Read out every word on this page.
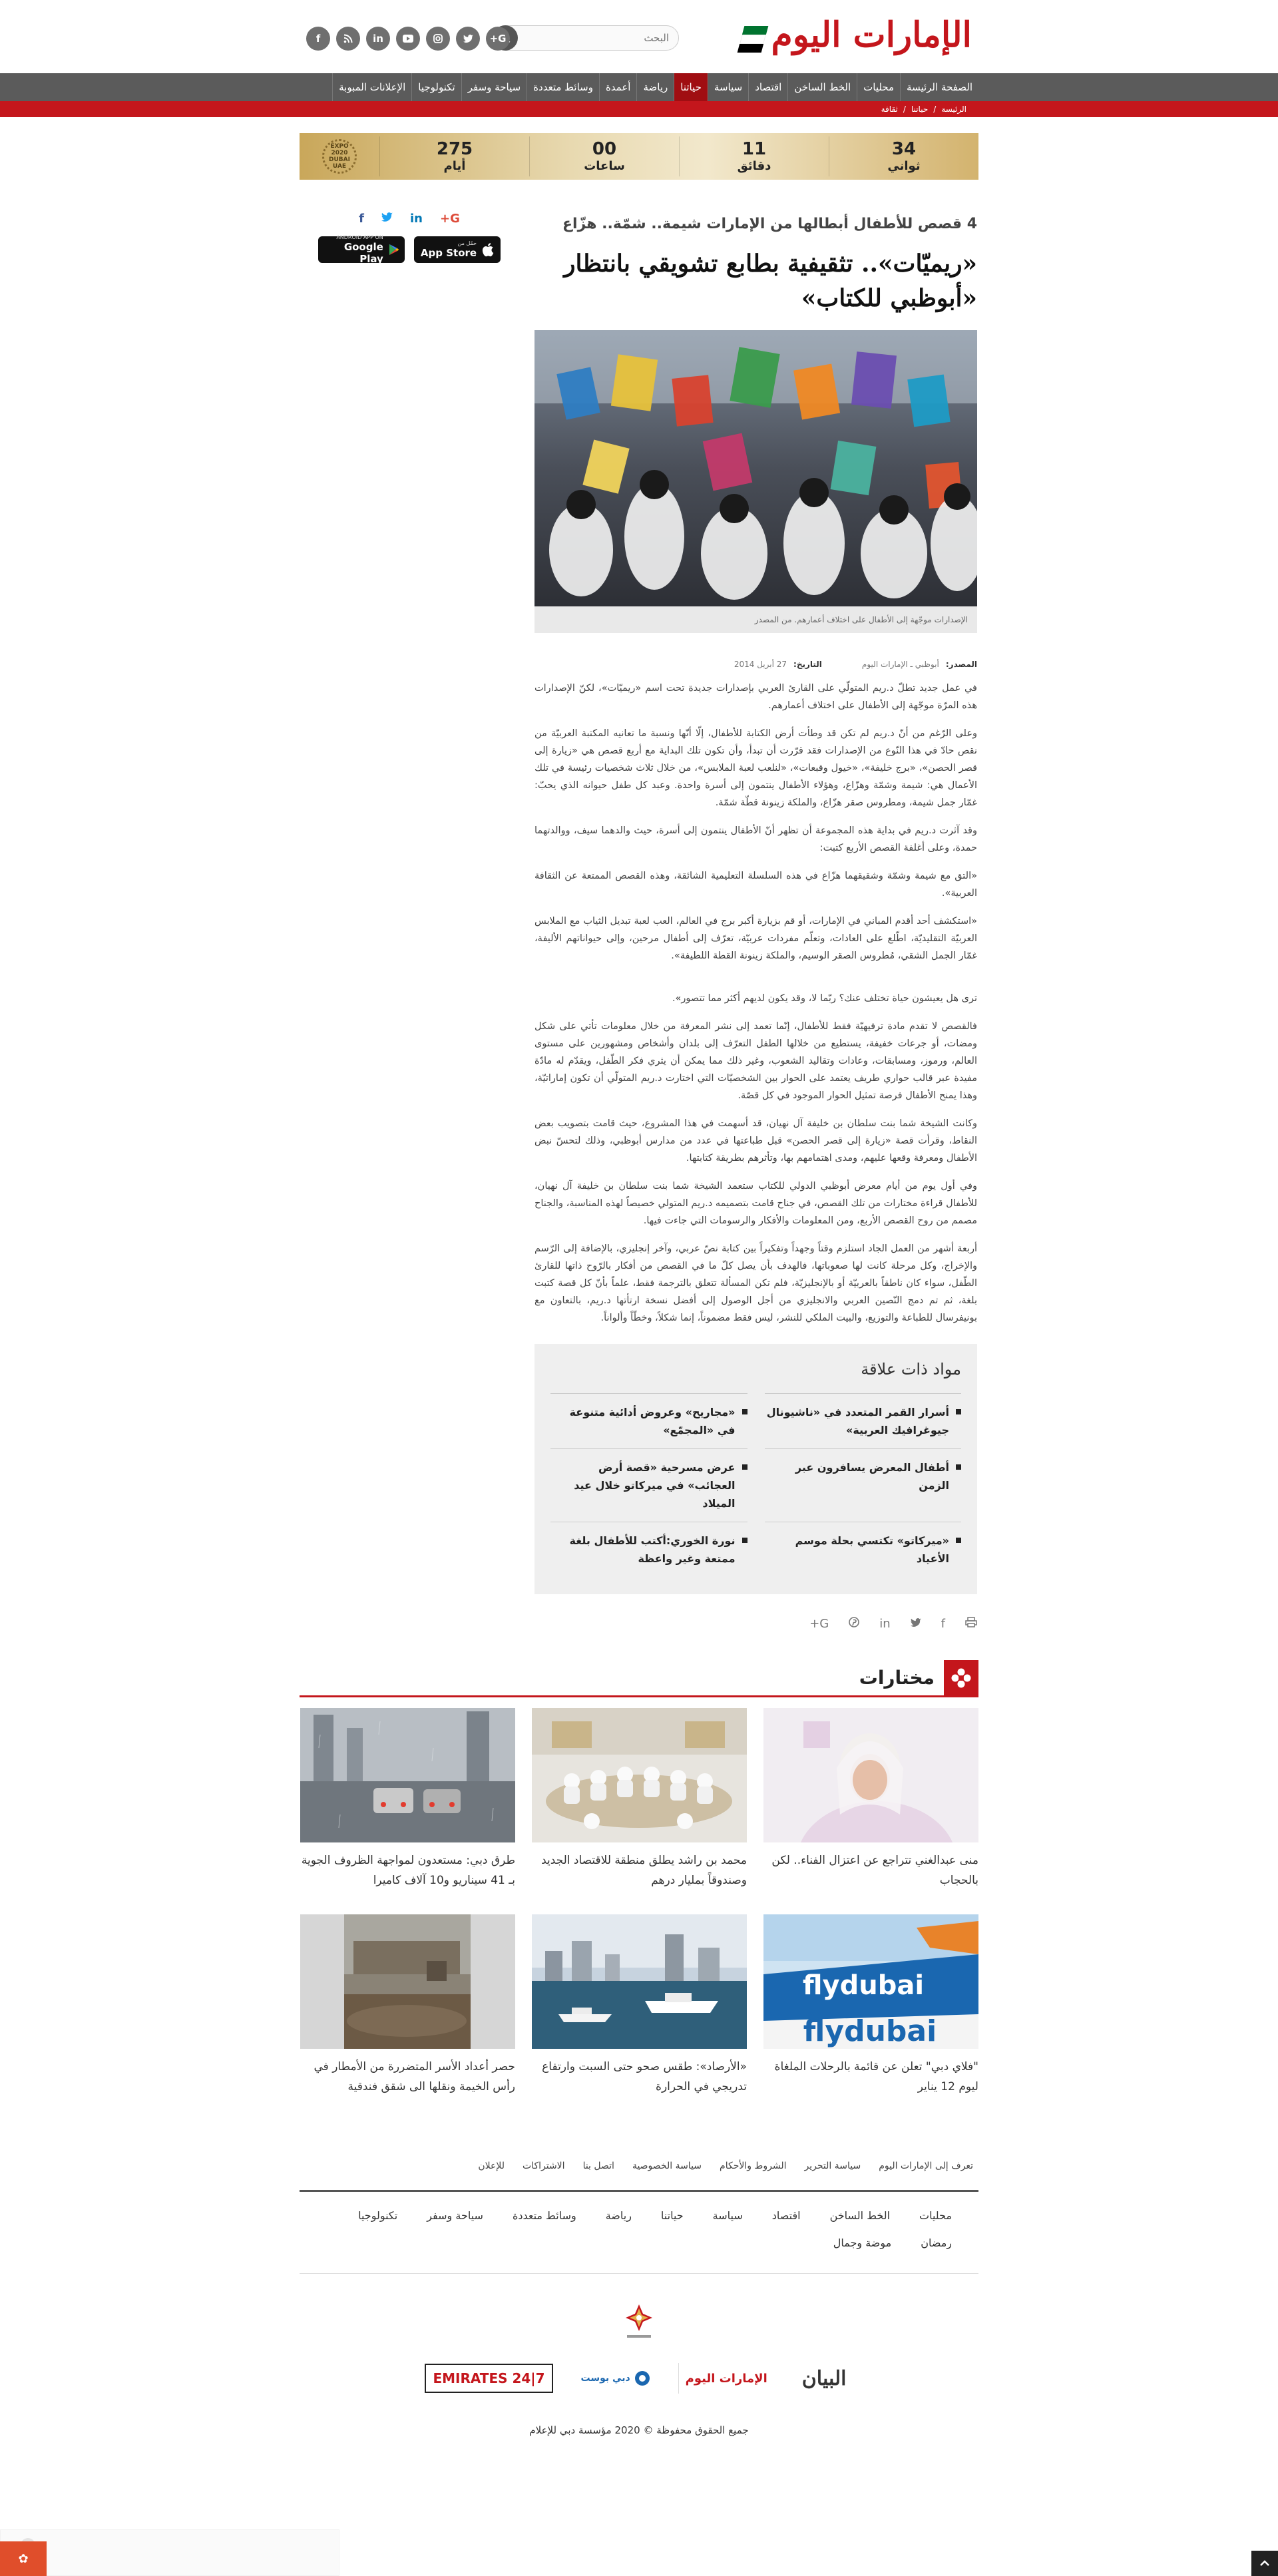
الإمارات اليوم
البحث
f	in	G+
الصفحة الرئيسة
محليات
الخط الساخن
اقتصاد
سياسة
حياتنا
رياضة
أعمدة
وسائط متعددة
سياحة وسفر
تكنولوجيا
الإعلانات المبوبة
الرئيسة
/
حياتنا
/
ثقافة
34
ثواني
11
دقائق
00
ساعات
275
أيام
EXPO 2020 DUBAI UAE
4 قصص للأطفال أبطالها من الإمارات شيمة.. شمّة.. هزّاع
«ريميّات».. تثقيفية بطابع تشويقي بانتظار «أبوظبي للكتاب»
الإصدارات موجّهة إلى الأطفال على اختلاف أعمارهم. من المصدر
المصدر:أبوظبي ـ الإمارات اليوم
التاريخ:27 أبريل 2014

في عمل جديد تطلّ د.ريم المتولّي على القارئ العربي بإصدارات جديدة تحت اسم «ريميّات»، لكنّ الإصدارات هذه المرّة موجّهة إلى الأطفال على اختلاف أعمارهم.

وعلى الرّغم من أنّ د.ريم لم تكن قد وطأت أرض الكتابة للأطفال، إلّا أنّها ونسبة ما تعانيه المكتبة العربيّة من نقص حادّ في هذا النّوع من الإصدارات فقد قرّرت أن تبدأ، وأن تكون تلك البداية مع أربع قصص هي «زيارة إلى قصر الحصن»، «برج خليفة»، «خيول وقبعات»، «لنلعب لعبة الملابس»، من خلال ثلاث شخصيات رئيسة في تلك الأعمال هي: شيمة وشمّة وهزّاع، وهؤلاء الأطفال ينتمون إلى أسرة واحدة. وعبد كل طفل حيوانه الذي يحبّ: غمّار جمل شيمة، ومطروس صقر هزّاع، والملكة زينونة قطّة شمّة.

وقد آثرت د.ريم في بداية هذه المجموعة أن تظهر أنّ الأطفال ينتمون إلى أسرة، حيث والدهما سيف، ووالدتهما حمدة، وعلى أغلفة القصص الأربع كتبت:

«التق مع شيمة وشمّة وشقيقهما هزّاع في هذه السلسلة التعليمية الشائقة، وهذه القصص الممتعة عن الثقافة العربية».

«استكشف أحد أقدم المباني في الإمارات، أو قم بزيارة أكبر برج في العالم، العب لعبة تبديل الثياب مع الملابس العربيّة التقليديّة، اطّلع على العادات، وتعلّم مفردات عربيّة، تعرّف إلى أطفال مرحين، وإلى حيواناتهم الأليفة، غمّار الجمل الشقي، مُطروس الصقر الوسيم، والملكة زينونة القطة اللطيفة».

ترى هل يعيشون حياة تختلف عنك؟ ربّما لا، وقد يكون لديهم أكثر مما تتصور».

فالقصص لا تقدم مادة ترفيهيّة فقط للأطفال، إنّما تعمد إلى نشر المعرفة من خلال معلومات تأتي على شكل ومضات، أو جرعات خفيفة، يستطيع من خلالها الطفل التعرّف إلى بلدان وأشخاص ومشهورين على مستوى العالم، ورموز، ومسابقات، وعادات وتقاليد الشعوب، وغير ذلك مما يمكن أن يثري فكر الطّفل، ويقدّم له مادّة مفيدة عبر قالب حواري طريف يعتمد على الحوار بين الشخصيّات التي اختارت د.ريم المتولّي أن تكون إماراتيّة، وهذا يمنح الأطفال فرصة تمثيل الحوار الموجود في كل قصّة.

وكانت الشيخة شما بنت سلطان بن خليفة آل نهيان، قد أسهمت في هذا المشروع، حيث قامت بتصويب بعض النقاط، وقرأت قصة «زيارة إلى قصر الحصن» قبل طباعتها في عدد من مدارس أبوظبي، وذلك لتحسّ نبض الأطفال ومعرفة وقعها عليهم، ومدى اهتمامهم بها، وتأثرهم بطريقة كتابتها.

وفي أول يوم من أيام معرض أبوظبي الدولي للكتاب ستعمد الشيخة شما بنت سلطان بن خليفة آل نهيان، للأطفال قراءة مختارات من تلك القصص، في جناح قامت بتصميمه د.ريم المتولي خصيصاً لهذه المناسبة، والجناح مصمم من روح القصص الأربع، ومن المعلومات والأفكار والرسومات التي جاءت فيها.

أربعة أشهر من العمل الجاد استلزم وقتاً وجهداً وتفكيراً بين كتابة نصّ عربي، وآخر إنجليزي، بالإضافة إلى الرّسم والإخراج، وكل مرحلة كانت لها صعوباتها، فالهدف بأن يصل كلّ ما في القصص من أفكار بالرّوح ذاتها للقارئ الطّفل، سواء كان ناطقاً بالعربيّة أو بالإنجليزيّة، فلم تكن المسألة تتعلق بالترجمة فقط، علماً بأنّ كل قصة كتبت بلغة، ثم تم دمج النّصين العربي والانجليزي من أجل الوصول إلى أفضل نسخة ارتأتها د.ريم، بالتعاون مع بونيفرسال للطباعة والتوزيع، والبيت الملكي للنشر، ليس فقط مضموناً، إنما شكلاً، وخطّاً وألواناً.

مواد ذات علاقة
أسرار القمر المتعدد في «ناشيونال جيوغرافيك العربية»
«مجاريح» وعروض أدائية متنوعة في «المجمّع»
أطفال المعرض يسافرون عبر الزمن
عرض مسرحية «قصة أرض العجائب» في ميركاتو خلال عيد الميلاد
«ميركاتو» تكتسي بحلة موسم الأعياد
نورة الخوري:أكتب للأطفال بلغة ممتعة وغير واعظة
G+	in	f
G+
in
f
حمّل من
App Store
ANDROID APP ON
Google Play
مختارات
منى عبدالغني تتراجع عن اعتزال الفناء.. لكن بالحجاب
محمد بن راشد يطلق منطقة للاقتصاد الجديد وصندوقاً بمليار درهم
طرق دبي: مستعدون لمواجهة الظروف الجوية بـ 41 سيناريو و10 آلاف كاميرا
flydubai
flydubai
"فلاي دبي" تعلن عن قائمة بالرحلات الملغاة ليوم 12 يناير
«الأرصاد»: طقس صحو حتى السبت وارتفاع تدريجي في الحرارة
حصر أعداد الأسر المتضررة من الأمطار في رأس الخيمة ونقلها الى شقق فندقية
تعرف إلى الإمارات اليوم
سياسة التحرير
الشروط والأحكام
سياسة الخصوصية
اتصل بنا
الاشتراكات
للإعلان
محليات
الخط الساخن
اقتصاد
سياسة
حياتنا
رياضة
وسائط متعددة
سياحة وسفر
تكنولوجيا
رمضان
موضة وجمال
البيان
الإمارات اليوم
دبي بوست
EMIRATES 24|7
جميع الحقوق محفوظة © 2020 مؤسسة دبي للإعلام
✿
